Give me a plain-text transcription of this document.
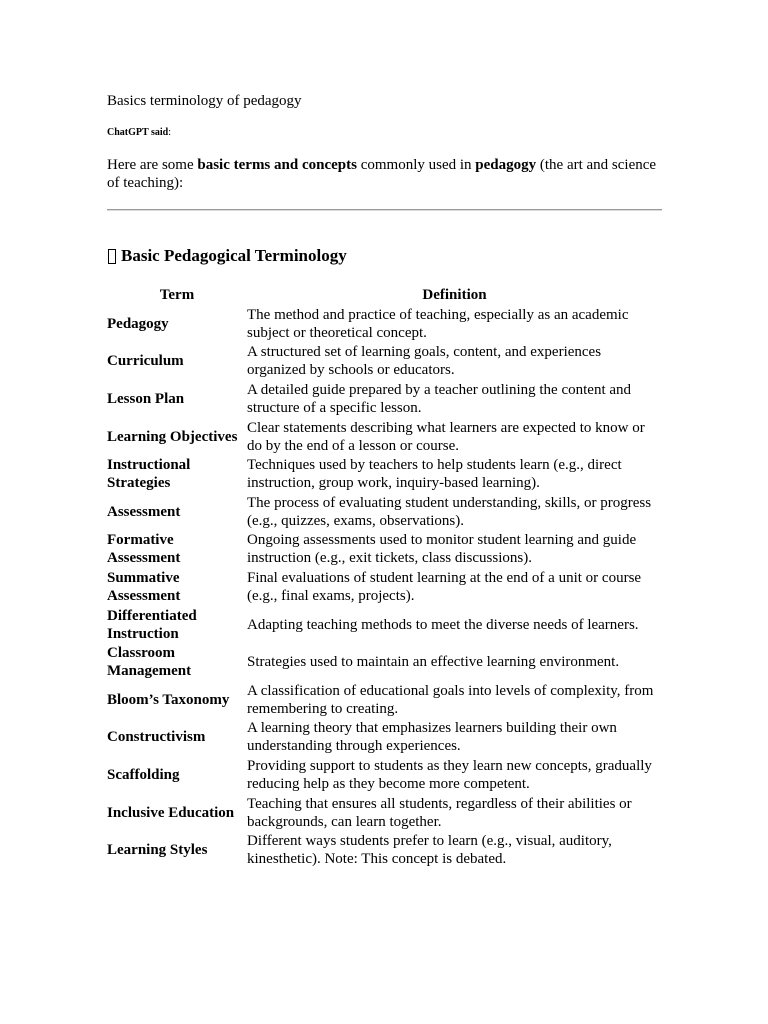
Basics terminology of pedagogy
ChatGPT said:
Here are some basic terms and concepts commonly used in pedagogy (the art and science of teaching):
Basic Pedagogical Terminology
Term	Definition
Pedagogy	The method and practice of teaching, especially as an academic subject or theoretical concept.
Curriculum	A structured set of learning goals, content, and experiences organized by schools or educators.
Lesson Plan	A detailed guide prepared by a teacher outlining the content and structure of a specific lesson.
Learning Objectives	Clear statements describing what learners are expected to know or do by the end of a lesson or course.
Instructional Strategies	Techniques used by teachers to help students learn (e.g., direct instruction, group work, inquiry-based learning).
Assessment	The process of evaluating student understanding, skills, or progress (e.g., quizzes, exams, observations).
Formative Assessment	Ongoing assessments used to monitor student learning and guide instruction (e.g., exit tickets, class discussions).
Summative Assessment	Final evaluations of student learning at the end of a unit or course (e.g., final exams, projects).
Differentiated Instruction	Adapting teaching methods to meet the diverse needs of learners.
Classroom Management	Strategies used to maintain an effective learning environment.
Bloom’s Taxonomy	A classification of educational goals into levels of complexity, from remembering to creating.
Constructivism	A learning theory that emphasizes learners building their own understanding through experiences.
Scaffolding	Providing support to students as they learn new concepts, gradually reducing help as they become more competent.
Inclusive Education	Teaching that ensures all students, regardless of their abilities or backgrounds, can learn together.
Learning Styles	Different ways students prefer to learn (e.g., visual, auditory, kinesthetic). Note: This concept is debated.
